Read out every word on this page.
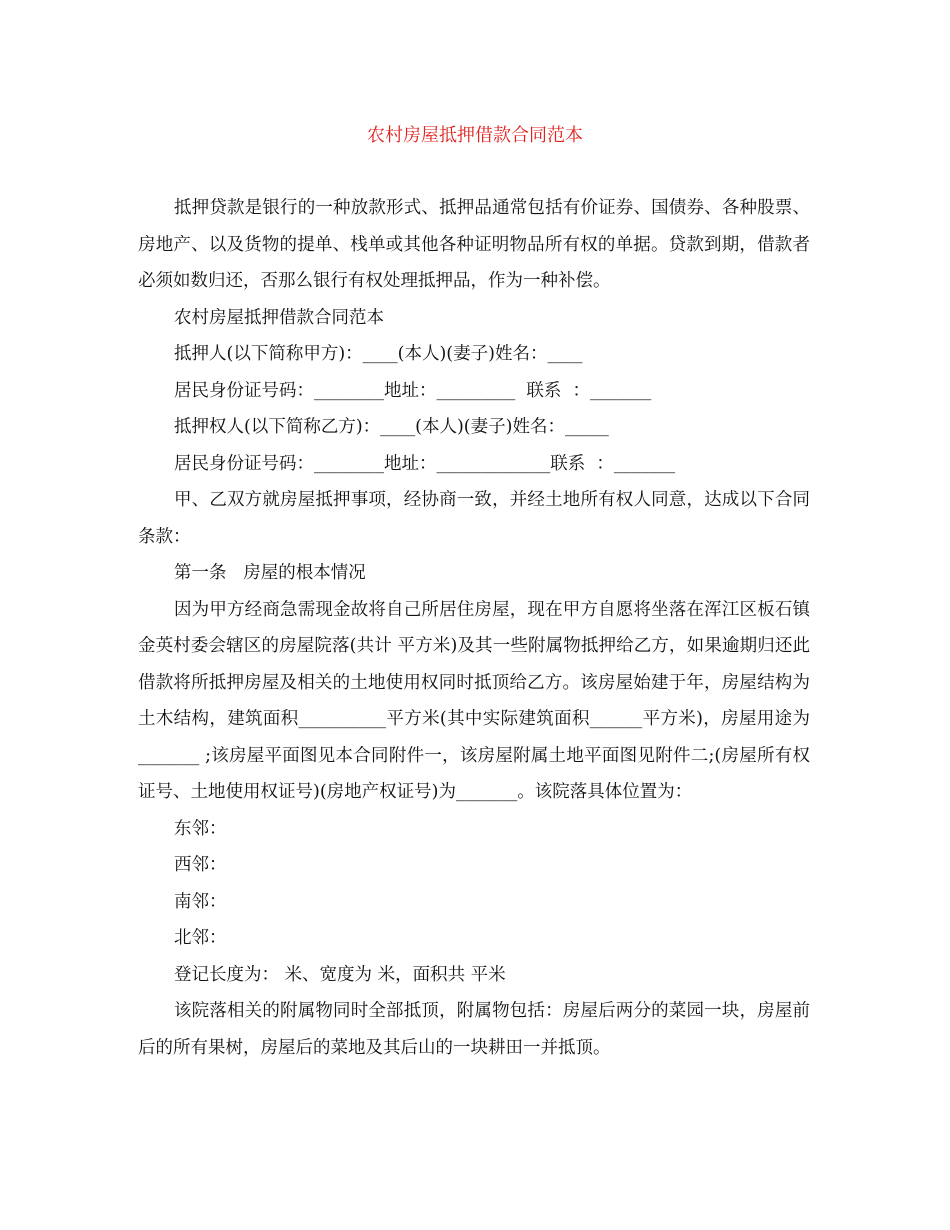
农村房屋抵押借款合同范本

抵押贷款是银行的一种放款形式、抵押品通常包括有价证券、国债券、各种股票、房地产、以及货物的提单、栈单或其他各种证明物品所有权的单据。贷款到期，借款者必须如数归还，否那么银行有权处理抵押品，作为一种补偿。

农村房屋抵押借款合同范本
抵押人(以下简称甲方)：____(本人)(妻子)姓名：____
居民身份证号码：________地址：_________  联系  ：_______
抵押权人(以下简称乙方)：____(本人)(妻子)姓名：_____
居民身份证号码：________地址：_____________联系  ：_______

甲、乙双方就房屋抵押事项，经协商一致，并经土地所有权人同意，达成以下合同条款：

第一条   房屋的根本情况

因为甲方经商急需现金故将自己所居住房屋，现在甲方自愿将坐落在浑江区板石镇金英村委会辖区的房屋院落(共计 平方米)及其一些附属物抵押给乙方，如果逾期归还此借款将所抵押房屋及相关的土地使用权同时抵顶给乙方。该房屋始建于年，房屋结构为土木结构，建筑面积__________平方米(其中实际建筑面积______平方米)，房屋用途为_______ ;该房屋平面图见本合同附件一，该房屋附属土地平面图见附件二;(房屋所有权证号、土地使用权证号)(房地产权证号)为_______。该院落具体位置为：

东邻：
西邻：
南邻：
北邻：
登记长度为： 米、宽度为 米，面积共 平米

该院落相关的附属物同时全部抵顶，附属物包括：房屋后两分的菜园一块，房屋前后的所有果树，房屋后的菜地及其后山的一块耕田一并抵顶。
